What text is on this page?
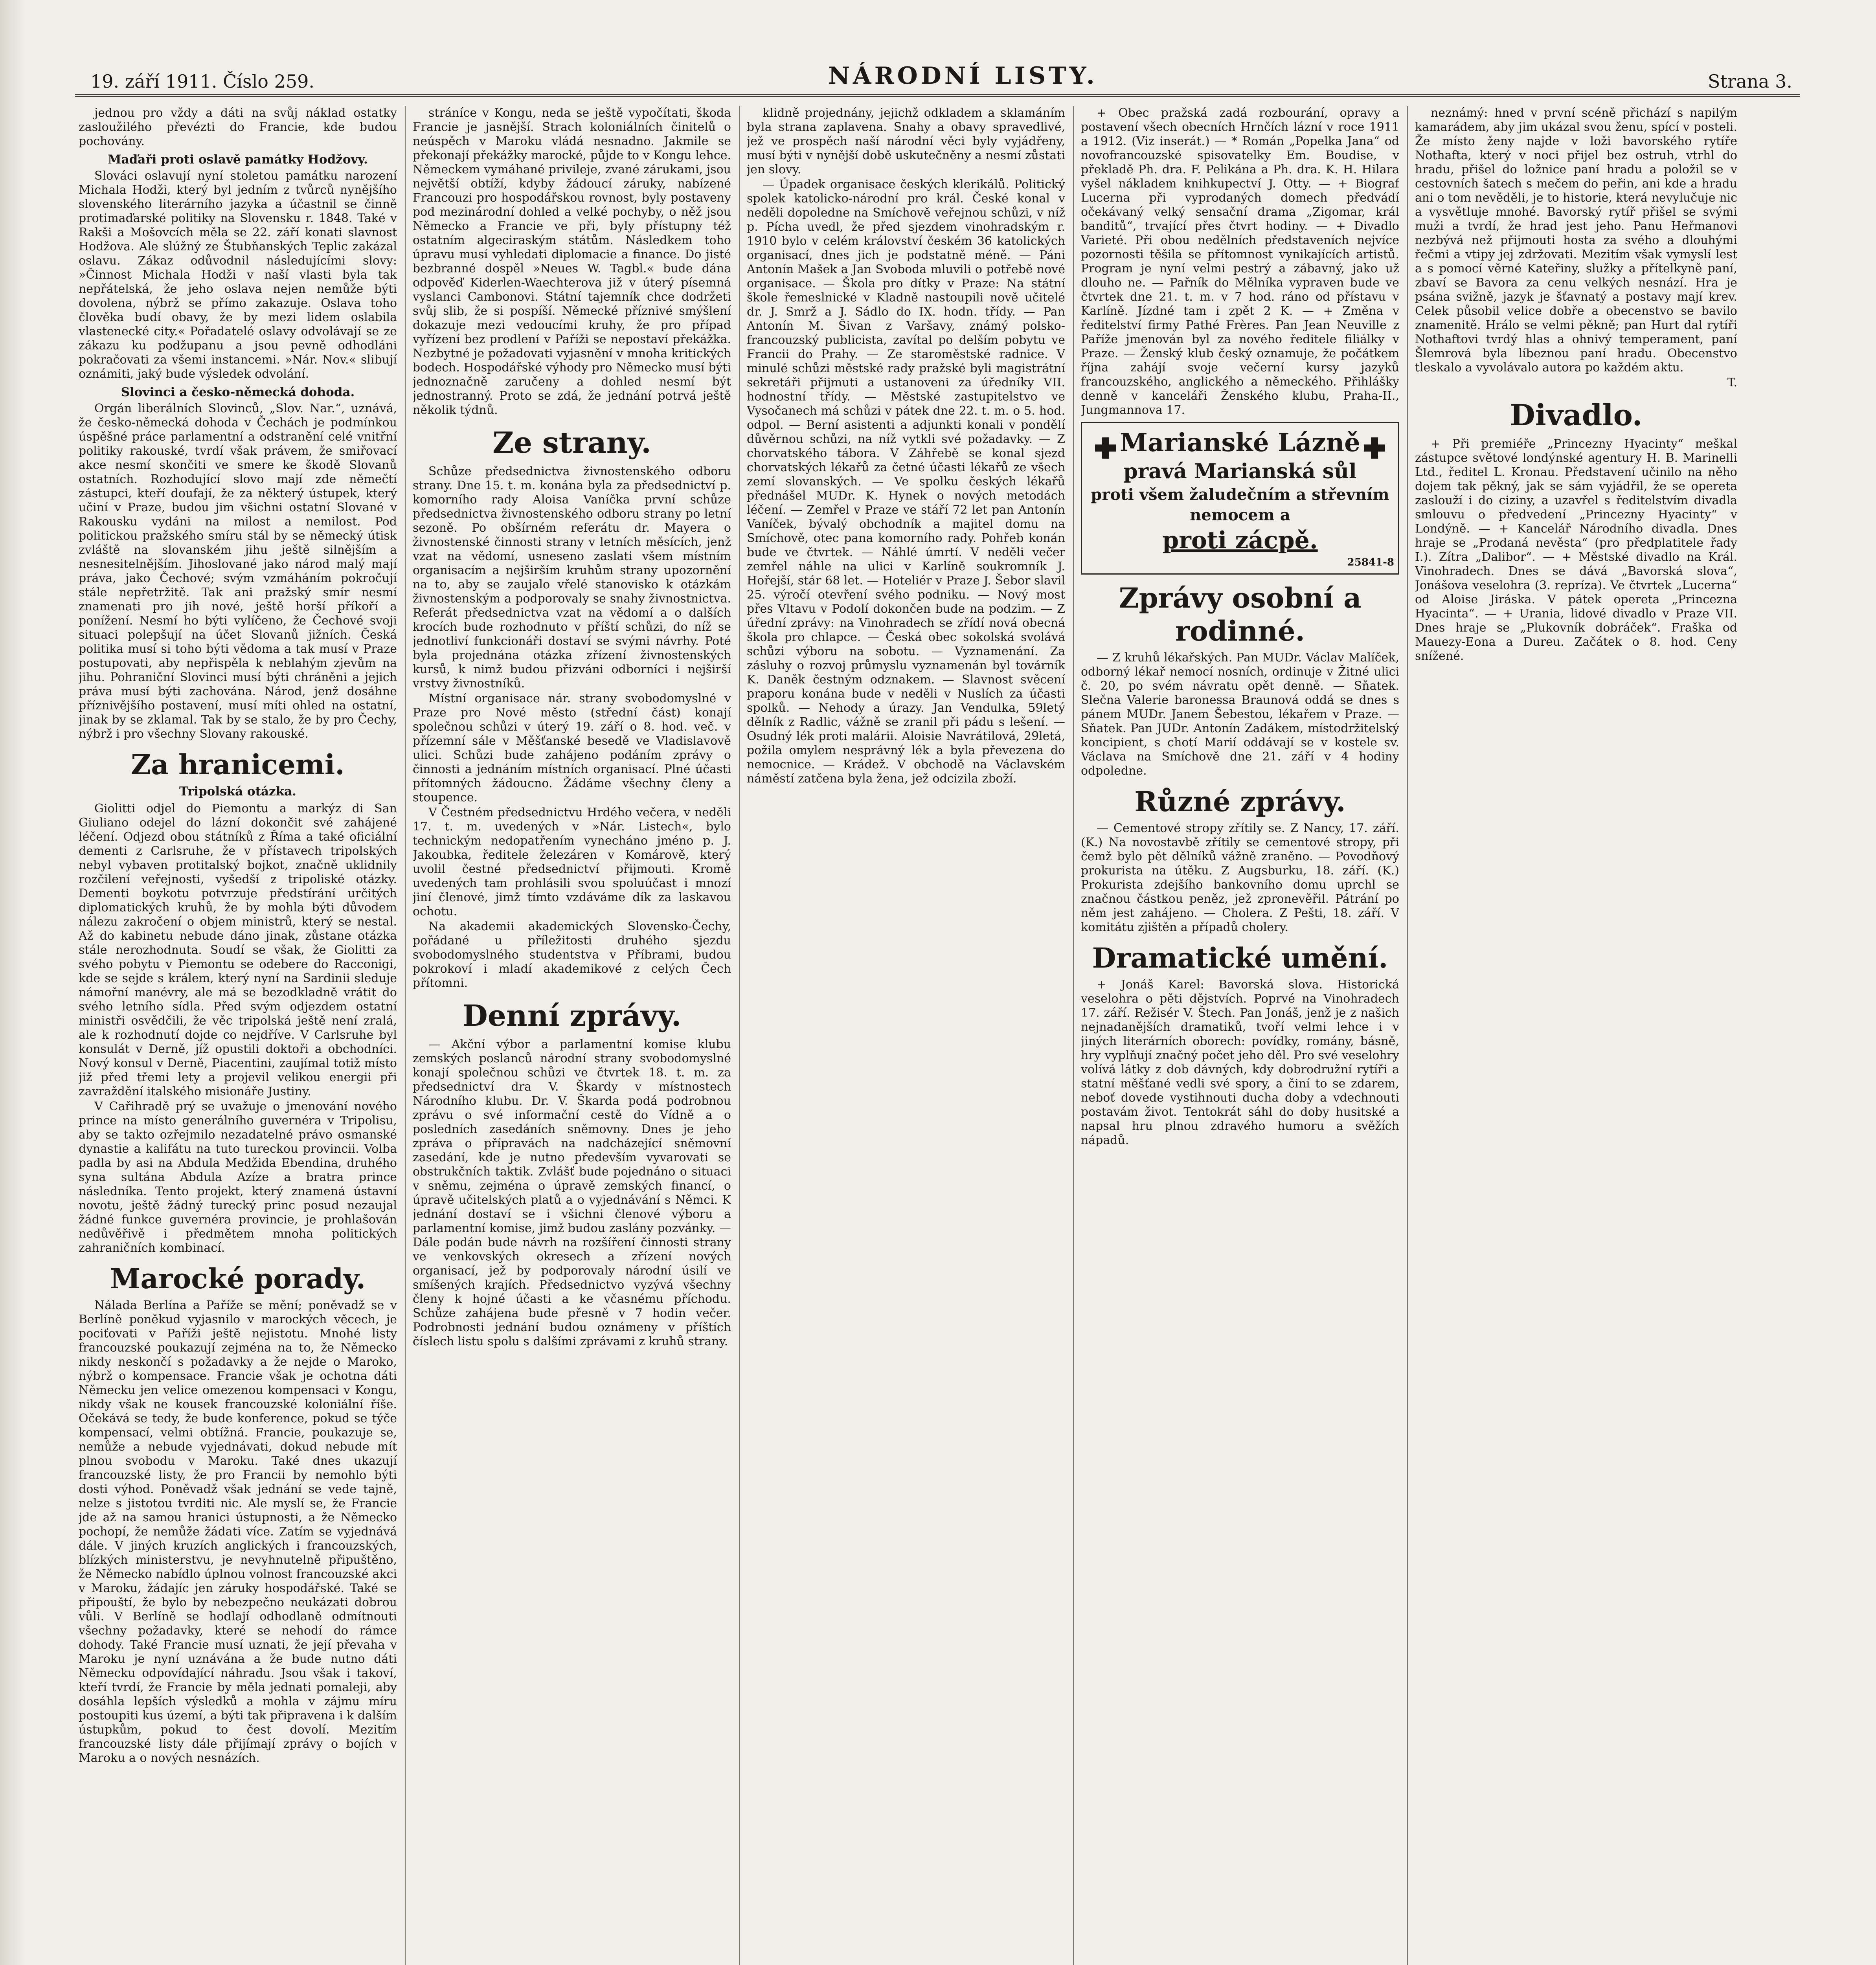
19. září 1911. Číslo 259.	NÁRODNÍ LISTY.	Strana 3.
jednou pro vždy a dáti na svůj náklad ostatky zasloužilého převézti do Francie, kde budou pochovány.
Maďaři proti oslavě památky Hodžovy.
Slováci oslavují nyní stoletou památku narození Michala Hodži, který byl jedním z tvůrců nynějšího slovenského literárního jazyka a účastnil se činně protimaďarské politiky na Slovensku r. 1848. Také v Rakši a Mošovcích měla se 22. září konati slavnost Hodžova. Ale slúžný ze Štubňanských Teplic zakázal oslavu. Zákaz odůvodnil následujícími slovy: »Činnost Michala Hodži v naší vlasti byla tak nepřátelská, že jeho oslava nejen nemůže býti dovolena, nýbrž se přímo zakazuje. Oslava toho člověka budí obavy, že by mezi lidem oslabila vlastenecké city.« Pořadatelé oslavy odvolávají se ze zákazu ku podžupanu a jsou pevně odhodláni pokračovati za všemi instancemi. »Nár. Nov.« slibují oznámiti, jaký bude výsledek odvolání.
Slovinci a česko-německá dohoda.
Orgán liberálních Slovinců, „Slov. Nar.“, uznává, že česko-německá dohoda v Čechách je podmínkou úspěšné práce parlamentní a odstranění celé vnitřní politiky rakouské, tvrdí však právem, že smiřovací akce nesmí skončiti ve smere ke škodě Slovanů ostatních. Rozhodující slovo mají zde němečtí zástupci, kteří doufají, že za některý ústupek, který učiní v Praze, budou jim všichni ostatní Slované v Rakousku vydáni na milost a nemilost. Pod politickou pražského smíru stál by se německý útisk zvláště na slovanském jihu ještě silnějším a nesnesitelnějším. Jihoslované jako národ malý mají práva, jako Čechové; svým vzmáháním pokročují stále nepřetržitě. Tak ani pražský smír nesmí znamenati pro jih nové, ještě horší příkoří a ponížení. Nesmí ho býti vylíčeno, že Čechové svoji situaci polepšují na účet Slovanů jižních. Česká politika musí si toho býti vědoma a tak musí v Praze postupovati, aby nepřispěla k neblahým zjevům na jihu. Pohraniční Slovinci musí býti chráněni a jejich práva musí býti zachována. Národ, jenž dosáhne příznivějšího postavení, musí míti ohled na ostatní, jinak by se zklamal. Tak by se stalo, že by pro Čechy, nýbrž i pro všechny Slovany rakouské.
Za hranicemi.
Tripolská otázka.
Giolitti odjel do Piemontu a markýz di San Giuliano odejel do lázní dokončit své zahájené léčení. Odjezd obou státníků z Říma a také oficiální dementi z Carlsruhe, že v přístavech tripolských nebyl vybaven protitalský bojkot, značně uklidnily rozčilení veřejnosti, vyšedší z tripoliské otázky. Dementi boykotu potvrzuje předstírání určitých diplomatických kruhů, že by mohla býti důvodem nálezu zakročení o objem ministrů, který se nestal. Až do kabinetu nebude dáno jinak, zůstane otázka stále nerozhodnuta. Soudí se však, že Giolitti za svého pobytu v Piemontu se odebere do Racconigi, kde se sejde s králem, který nyní na Sardinii sleduje námořní manévry, ale má se bezodkladně vrátit do svého letního sídla. Před svým odjezdem ostatní ministři osvědčili, že věc tripolská ještě není zralá, ale k rozhodnutí dojde co nejdříve. V Carlsruhe byl konsulát v Derně, jíž opustili doktoři a obchodníci. Nový konsul v Derně, Piacentini, zaujímal totiž místo již před třemi lety a projevil velikou energii při zavraždění italského misionáře Justiny.
V Cařihradě prý se uvažuje o jmenování nového prince na místo generálního guvernéra v Tripolisu, aby se takto ozřejmilo nezadatelné právo osmanské dynastie a kalifátu na tuto tureckou provincii. Volba padla by asi na Abdula Medžida Ebendina, druhého syna sultána Abdula Azíze a bratra prince následníka. Tento projekt, který znamená ústavní novotu, ještě žádný turecký princ posud nezaujal žádné funkce guvernéra provincie, je prohlašován nedůvěřivě i předmětem mnoha politických zahraničních kombinací.
Marocké porady.
Nálada Berlína a Paříže se mění; poněvadž se v Berlíně poněkud vyjasnilo v marockých věcech, je pociťovati v Paříži ještě nejistotu. Mnohé listy francouzské poukazují zejména na to, že Německo nikdy neskončí s požadavky a že nejde o Maroko, nýbrž o kompensace. Francie však je ochotna dáti Německu jen velice omezenou kompensaci v Kongu, nikdy však ne kousek francouzské koloniální říše. Očekává se tedy, že bude konference, pokud se týče kompensací, velmi obtížná. Francie, poukazuje se, nemůže a nebude vyjednávati, dokud nebude mít plnou svobodu v Maroku. Také dnes ukazují francouzské listy, že pro Francii by nemohlo býti dosti výhod. Poněvadž však jednání se vede tajně, nelze s jistotou tvrditi nic. Ale myslí se, že Francie jde až na samou hranici ústupnosti, a že Německo pochopí, že nemůže žádati více. Zatím se vyjednává dále. V jiných kruzích anglických i francouzských, blízkých ministerstvu, je nevyhnutelně připuštěno, že Německo nabídlo úplnou volnost francouzské akci v Maroku, žádajíc jen záruky hospodářské. Také se připouští, že bylo by nebezpečno neukázati dobrou vůli. V Berlíně se hodlají odhodlaně odmítnouti všechny požadavky, které se nehodí do rámce dohody. Také Francie musí uznati, že její převaha v Maroku je nyní uznávána a že bude nutno dáti Německu odpovídající náhradu. Jsou však i takoví, kteří tvrdí, že Francie by měla jednati pomaleji, aby dosáhla lepších výsledků a mohla v zájmu míru postoupiti kus území, a býti tak připravena i k dalším ústupkům, pokud to čest dovolí. Mezitím francouzské listy dále přijímají zprávy o bojích v Maroku a o nových nesnázích.
stráníce v Kongu, neda se ještě vypočítati, škoda Francie je jasnější. Strach koloniálních činitelů o neúspěch v Maroku vládá nesnadno. Jakmile se překonají překážky marocké, půjde to v Kongu lehce. Německem vymáhané privileje, zvané zárukami, jsou největší obtíží, kdyby žádoucí záruky, nabízené Francouzi pro hospodářskou rovnost, byly postaveny pod mezinárodní dohled a velké pochyby, o něž jsou Německo a Francie ve při, byly přístupny též ostatním algeciraským státům. Následkem toho úpravu musí vyhledati diplomacie a finance. Do jisté bezbranné dospěl »Neues W. Tagbl.« bude dána odpověď Kiderlen-Waechterova již v úterý písemná vyslanci Cambonovi. Státní tajemník chce dodržeti svůj slib, že si pospíší. Německé příznivé smýšlení dokazuje mezi vedoucími kruhy, že pro případ vyřízení bez prodlení v Paříži se nepostaví překážka. Nezbytné je požadovati vyjasnění v mnoha kritických bodech. Hospodářské výhody pro Německo musí býti jednoznačně zaručeny a dohled nesmí být jednostranný. Proto se zdá, že jednání potrvá ještě několik týdnů.
Ze strany.
Schůze předsednictva živnostenského odboru strany. Dne 15. t. m. konána byla za předsednictví p. komorního rady Aloisa Vaníčka první schůze předsednictva živnostenského odboru strany po letní sezoně. Po obšírném referátu dr. Mayera o živnostenské činnosti strany v letních měsících, jenž vzat na vědomí, usneseno zaslati všem místním organisacím a nejširším kruhům strany upozornění na to, aby se zaujalo vřelé stanovisko k otázkám živnostenským a podporovaly se snahy živnostnictva. Referát předsednictva vzat na vědomí a o dalších krocích bude rozhodnuto v příští schůzi, do níž se jednotliví funkcionáři dostaví se svými návrhy. Poté byla projednána otázka zřízení živnostenských kursů, k nimž budou přizváni odborníci i nejširší vrstvy živnostníků.
Místní organisace nár. strany svobodomyslné v Praze pro Nové město (střední část) konají společnou schůzi v úterý 19. září o 8. hod. več. v přízemní sále v Měšťanské besedě ve Vladislavově ulici. Schůzi bude zahájeno podáním zprávy o činnosti a jednáním místních organisací. Plné účasti přítomných žádoucno. Žádáme všechny členy a stoupence.
V Čestném předsednictvu Hrdého večera, v neděli 17. t. m. uvedených v »Nár. Listech«, bylo technickým nedopatřením vynecháno jméno p. J. Jakoubka, ředitele železáren v Komárově, který uvolil čestné předsednictví přijmouti. Kromě uvedených tam prohlásili svou spoluúčast i mnozí jiní členové, jimž tímto vzdáváme dík za laskavou ochotu.
Na akademii akademických Slovensko-Čechy, pořádané u příležitosti druhého sjezdu svobodomyslného studentstva v Příbrami, budou pokrokoví i mladí akademikové z celých Čech přítomni.
Denní zprávy.
— Akční výbor a parlamentní komise klubu zemských poslanců národní strany svobodomyslné konají společnou schůzi ve čtvrtek 18. t. m. za předsednictví dra V. Škardy v místnostech Národního klubu. Dr. V. Škarda podá podrobnou zprávu o své informační cestě do Vídně a o posledních zasedáních sněmovny. Dnes je jeho zpráva o přípravách na nadcházející sněmovní zasedání, kde je nutno především vyvarovati se obstrukčních taktik. Zvlášť bude pojednáno o situaci v sněmu, zejména o úpravě zemských financí, o úpravě učitelských platů a o vyjednávání s Němci. K jednání dostaví se i všichni členové výboru a parlamentní komise, jimž budou zaslány pozvánky. — Dále podán bude návrh na rozšíření činnosti strany ve venkovských okresech a zřízení nových organisací, jež by podporovaly národní úsilí ve smíšených krajích. Předsednictvo vyzývá všechny členy k hojné účasti a ke včasnému příchodu. Schůze zahájena bude přesně v 7 hodin večer. Podrobnosti jednání budou oznámeny v příštích číslech listu spolu s dalšími zprávami z kruhů strany.
klidně projednány, jejichž odkladem a sklamáním byla strana zaplavena. Snahy a obavy spravedlivé, jež ve prospěch naší národní věci byly vyjádřeny, musí býti v nynější době uskutečněny a nesmí zůstati jen slovy.
— Úpadek organisace českých klerikálů. Politický spolek katolicko-národní pro král. České konal v neděli dopoledne na Smíchově veřejnou schůzi, v níž p. Pícha uvedl, že před sjezdem vinohradským r. 1910 bylo v celém království českém 36 katolických organisací, dnes jich je podstatně méně. — Páni Antonín Mašek a Jan Svoboda mluvili o potřebě nové organisace. — Škola pro dítky v Praze: Na státní škole řemeslnické v Kladně nastoupili nově učitelé dr. J. Smrž a J. Sádlo do IX. hodn. třídy. — Pan Antonín M. Šivan z Varšavy, známý polsko-francouzský publicista, zavítal po delším pobytu ve Francii do Prahy. — Ze staroměstské radnice. V minulé schůzi městské rady pražské byli magistrátní sekretáři přijmuti a ustanoveni za úředníky VII. hodnostní třídy. — Městské zastupitelstvo ve Vysočanech má schůzi v pátek dne 22. t. m. o 5. hod. odpol. — Berní asistenti a adjunkti konali v pondělí důvěrnou schůzi, na níž vytkli své požadavky. — Z chorvatského tábora. V Záhřebě se konal sjezd chorvatských lékařů za četné účasti lékařů ze všech zemí slovanských. — Ve spolku českých lékařů přednášel MUDr. K. Hynek o nových metodách léčení. — Zemřel v Praze ve stáří 72 let pan Antonín Vaníček, bývalý obchodník a majitel domu na Smíchově, otec pana komorního rady. Pohřeb konán bude ve čtvrtek. — Náhlé úmrtí. V neděli večer zemřel náhle na ulici v Karlíně soukromník J. Hořejší, stár 68 let. — Hoteliér v Praze J. Šebor slavil 25. výročí otevření svého podniku. — Nový most přes Vltavu v Podolí dokončen bude na podzim. — Z úřední zprávy: na Vinohradech se zřídí nová obecná škola pro chlapce. — Česká obec sokolská svolává schůzi výboru na sobotu. — Vyznamenání. Za zásluhy o rozvoj průmyslu vyznamenán byl továrník K. Daněk čestným odznakem. — Slavnost svěcení praporu konána bude v neděli v Nuslích za účasti spolků. — Nehody a úrazy. Jan Vendulka, 59letý dělník z Radlic, vážně se zranil při pádu s lešení. — Osudný lék proti malárii. Aloisie Navrátilová, 29letá, požila omylem nesprávný lék a byla převezena do nemocnice. — Krádež. V obchodě na Václavském náměstí zatčena byla žena, jež odcizila zboží.
+ Obec pražská zadá rozbourání, opravy a postavení všech obecních Hrnčích lázní v roce 1911 a 1912. (Viz inserát.) — * Román „Popelka Jana“ od novofrancouzské spisovatelky Em. Boudise, v překladě Ph. dra. F. Pelikána a Ph. dra. K. H. Hilara vyšel nákladem knihkupectví J. Otty. — + Biograf Lucerna při vyprodaných domech předvádí očekávaný velký sensační drama „Zigomar, král banditů“, trvající přes čtvrt hodiny. — + Divadlo Varieté. Při obou nedělních představeních nejvíce pozornosti těšila se přítomnost vynikajících artistů. Program je nyní velmi pestrý a zábavný, jako už dlouho ne. — Pařník do Mělníka vypraven bude ve čtvrtek dne 21. t. m. v 7 hod. ráno od přístavu v Karlíně. Jízdné tam i zpět 2 K. — + Změna v ředitelství firmy Pathé Frères. Pan Jean Neuville z Paříže jmenován byl za nového ředitele filiálky v Praze. — Ženský klub český oznamuje, že počátkem října zahájí svoje večerní kursy jazyků francouzského, anglického a německého. Přihlášky denně v kanceláři Ženského klubu, Praha-II., Jungmannova 17.
Marianské Lázně
pravá Marianská sůl
proti všem žaludečním a střevním nemocem a
proti zácpě.
25841-8
Zprávy osobní a rodinné.
— Z kruhů lékařských. Pan MUDr. Václav Malíček, odborný lékař nemocí nosních, ordinuje v Žitné ulici č. 20, po svém návratu opět denně. — Sňatek. Slečna Valerie baronessa Braunová oddá se dnes s pánem MUDr. Janem Šebestou, lékařem v Praze. — Sňatek. Pan JUDr. Antonín Zadákem, místodržitelský koncipient, s chotí Marií oddávají se v kostele sv. Václava na Smíchově dne 21. září v 4 hodiny odpoledne.
Různé zprávy.
— Cementové stropy zřítily se. Z Nancy, 17. září. (K.) Na novostavbě zřítily se cementové stropy, při čemž bylo pět dělníků vážně zraněno. — Povodňový prokurista na útěku. Z Augsburku, 18. září. (K.) Prokurista zdejšího bankovního domu uprchl se značnou částkou peněz, jež zpronevěřil. Pátrání po něm jest zahájeno. — Cholera. Z Pešti, 18. září. V komitátu zjištěn a případů cholery.
Dramatické umění.
+ Jonáš Karel: Bavorská slova. Historická veselohra o pěti dějstvích. Poprvé na Vinohradech 17. září. Režisér V. Štech. Pan Jonáš, jenž je z našich nejnadanějších dramatiků, tvoří velmi lehce i v jiných literárních oborech: povídky, romány, básně, hry vyplňují značný počet jeho děl. Pro své veselohry volívá látky z dob dávných, kdy dobrodružní rytíři a statní měšťané vedli své spory, a činí to se zdarem, neboť dovede vystihnouti ducha doby a vdechnouti postavám život. Tentokrát sáhl do doby husitské a napsal hru plnou zdravého humoru a svěžích nápadů.
neznámý: hned v první scéně přichází s napilým kamarádem, aby jim ukázal svou ženu, spící v posteli. Že místo ženy najde v loži bavorského rytíře Nothafta, který v noci přijel bez ostruh, vtrhl do hradu, přišel do ložnice paní hradu a položil se v cestovních šatech s mečem do peřin, ani kde a hradu ani o tom nevěděli, je to historie, která nevylučuje nic a vysvětluje mnohé. Bavorský rytíř přišel se svými muži a tvrdí, že hrad jest jeho. Panu Heřmanovi nezbývá než přijmouti hosta za svého a dlouhými řečmi a vtipy jej zdržovati. Mezitím však vymyslí lest a s pomocí věrné Kateřiny, služky a přítelkyně paní, zbaví se Bavora za cenu velkých nesnází. Hra je psána svižně, jazyk je šťavnatý a postavy mají krev. Celek působil velice dobře a obecenstvo se bavilo znamenitě. Hrálo se velmi pěkně; pan Hurt dal rytíři Nothaftovi tvrdý hlas a ohnivý temperament, paní Šlemrová byla líbeznou paní hradu. Obecenstvo tleskalo a vyvolávalo autora po každém aktu.
T.
Divadlo.
+ Při premiéře „Princezny Hyacinty“ meškal zástupce světové londýnské agentury H. B. Marinelli Ltd., ředitel L. Kronau. Představení učinilo na něho dojem tak pěkný, jak se sám vyjádřil, že se opereta zaslouží i do ciziny, a uzavřel s ředitelstvím divadla smlouvu o předvedení „Princezny Hyacinty“ v Londýně. — + Kancelář Národního divadla. Dnes hraje se „Prodaná nevěsta“ (pro předplatitele řady I.). Zítra „Dalibor“. — + Městské divadlo na Král. Vinohradech. Dnes se dává „Bavorská slova“, Jonášova veselohra (3. repríza). Ve čtvrtek „Lucerna“ od Aloise Jiráska. V pátek opereta „Princezna Hyacinta“. — + Urania, lidové divadlo v Praze VII. Dnes hraje se „Plukovník dobráček“. Fraška od Mauezy-Eona a Dureu. Začátek o 8. hod. Ceny snížené.
